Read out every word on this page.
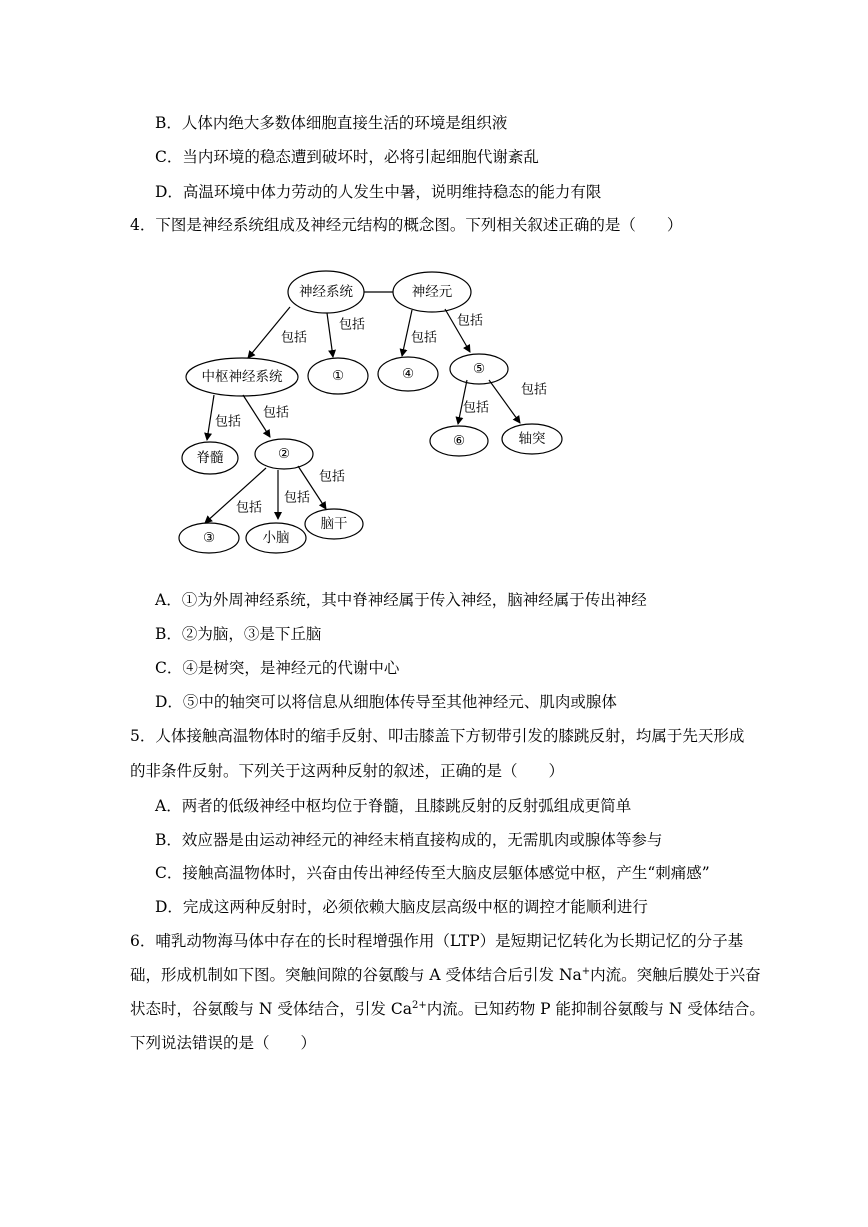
B．人体内绝大多数体细胞直接生活的环境是组织液
C．当内环境的稳态遭到破坏时，必将引起细胞代谢紊乱
D．高温环境中体力劳动的人发生中暑，说明维持稳态的能力有限
4．下图是神经系统组成及神经元结构的概念图。下列相关叙述正确的是（　　）
神经系统	神经元
中枢神经系统	①	④	⑤
脊髓	②
⑥	轴突
③	小脑
脑干
包括
包括
包括
包括
包括
包括	包括
包括
包括
包括
包括
A．①为外周神经系统，其中脊神经属于传入神经，脑神经属于传出神经
B．②为脑，③是下丘脑
C．④是树突，是神经元的代谢中心
D．⑤中的轴突可以将信息从细胞体传导至其他神经元、肌肉或腺体
5．人体接触高温物体时的缩手反射、叩击膝盖下方韧带引发的膝跳反射，均属于先天形成
的非条件反射。下列关于这两种反射的叙述，正确的是（　　）
A．两者的低级神经中枢均位于脊髓，且膝跳反射的反射弧组成更简单
B．效应器是由运动神经元的神经末梢直接构成的，无需肌肉或腺体等参与
C．接触高温物体时，兴奋由传出神经传至大脑皮层躯体感觉中枢，产生“刺痛感”
D．完成这两种反射时，必须依赖大脑皮层高级中枢的调控才能顺利进行
6．哺乳动物海马体中存在的长时程增强作用（LTP）是短期记忆转化为长期记忆的分子基
础，形成机制如下图。突触间隙的谷氨酸与 A 受体结合后引发 Na+内流。突触后膜处于兴奋
状态时，谷氨酸与 N 受体结合，引发 $Ca^{2+}$内流。已知药物 P 能抑制谷氨酸与 N 受体结合。
下列说法错误的是（　　）
